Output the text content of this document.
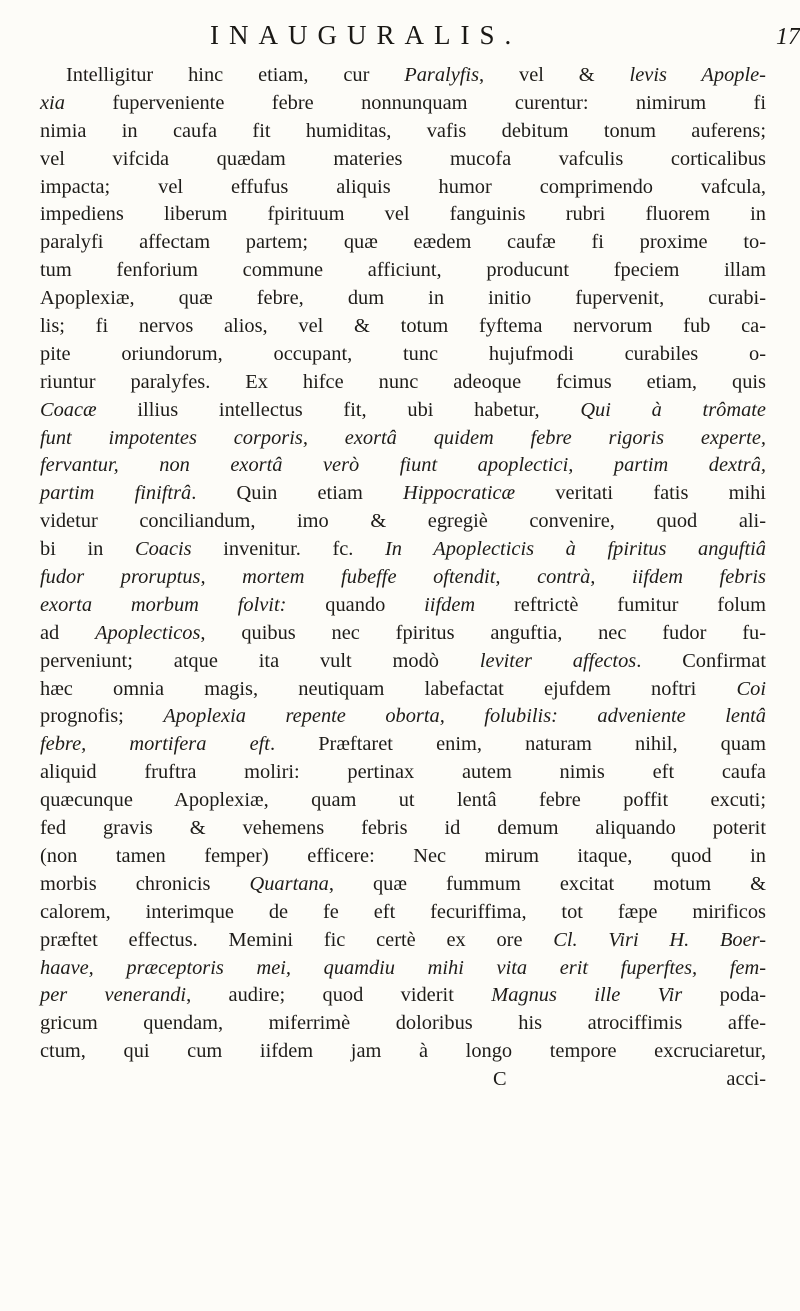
INAUGURALIS.	17
Intelligitur hinc etiam, cur Paralyfis, vel & levis Apople-
xia fuperveniente febre nonnunquam curentur: nimirum fi
nimia in caufa fit humiditas, vafis debitum tonum auferens;
vel vifcida quædam materies mucofa vafculis corticalibus
impacta; vel effufus aliquis humor comprimendo vafcula,
impediens liberum fpirituum vel fanguinis rubri fluorem in
paralyfi affectam partem; quæ eædem caufæ fi proxime to-
tum fenforium commune afficiunt, producunt fpeciem illam
Apoplexiæ, quæ febre, dum in initio fupervenit, curabi-
lis; fi nervos alios, vel & totum fyftema nervorum fub ca-
pite oriundorum, occupant, tunc hujufmodi curabiles o-
riuntur paralyfes. Ex hifce nunc adeoque fcimus etiam, quis
Coacæ illius intellectus fit, ubi habetur, Qui à trômate
funt impotentes corporis, exortâ quidem febre rigoris experte,
fervantur, non exortâ verò fiunt apoplectici, partim dextrâ,
partim finiftrâ. Quin etiam Hippocraticæ veritati fatis mihi
videtur conciliandum, imo & egregiè convenire, quod ali-
bi in Coacis invenitur. fc. In Apoplecticis à fpiritus anguftiâ
fudor proruptus, mortem fubeffe oftendit, contrà, iifdem febris
exorta morbum folvit: quando iifdem reftrictè fumitur folum
ad Apoplecticos, quibus nec fpiritus anguftia, nec fudor fu-
perveniunt; atque ita vult modò leviter affectos. Confirmat
hæc omnia magis, neutiquam labefactat ejufdem noftri Coi
prognofis; Apoplexia repente oborta, folubilis: adveniente lentâ
febre, mortifera eft. Præftaret enim, naturam nihil, quam
aliquid fruftra moliri: pertinax autem nimis eft caufa
quæcunque Apoplexiæ, quam ut lentâ febre poffit excuti;
fed gravis & vehemens febris id demum aliquando poterit
(non tamen femper) efficere: Nec mirum itaque, quod in
morbis chronicis Quartana, quæ fummum excitat motum &
calorem, interimque de fe eft fecuriffima, tot fæpe mirificos
præftet effectus. Memini fic certè ex ore Cl. Viri H. Boer-
haave, præceptoris mei, quamdiu mihi vita erit fuperftes, fem-
per venerandi, audire; quod viderit Magnus ille Vir poda-
gricum quendam, miferrimè doloribus his atrociffimis affe-
ctum, qui cum iifdem jam à longo tempore excruciaretur,
C	acci-
